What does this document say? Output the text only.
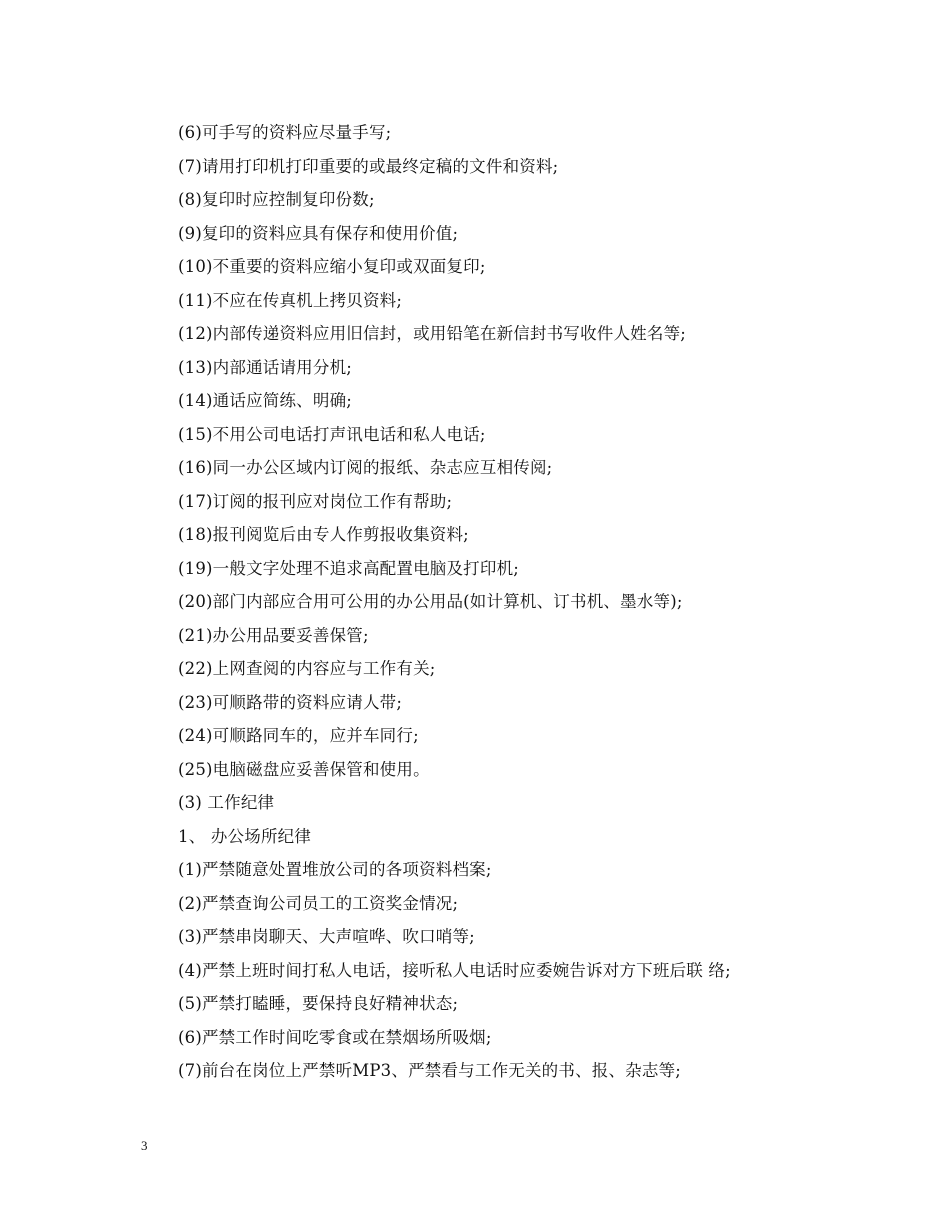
(6)可手写的资料应尽量手写;
(7)请用打印机打印重要的或最终定稿的文件和资料;
(8)复印时应控制复印份数;
(9)复印的资料应具有保存和使用价值;
(10)不重要的资料应缩小复印或双面复印;
(11)不应在传真机上拷贝资料;
(12)内部传递资料应用旧信封，或用铅笔在新信封书写收件人姓名等;
(13)内部通话请用分机;
(14)通话应简练、明确;
(15)不用公司电话打声讯电话和私人电话;
(16)同一办公区域内订阅的报纸、杂志应互相传阅;
(17)订阅的报刊应对岗位工作有帮助;
(18)报刊阅览后由专人作剪报收集资料;
(19)一般文字处理不追求高配置电脑及打印机;
(20)部门内部应合用可公用的办公用品(如计算机、订书机、墨水等);
(21)办公用品要妥善保管;
(22)上网查阅的内容应与工作有关;
(23)可顺路带的资料应请人带;
(24)可顺路同车的，应并车同行;
(25)电脑磁盘应妥善保管和使用。
(3) 工作纪律
1、 办公场所纪律
(1)严禁随意处置堆放公司的各项资料档案;
(2)严禁查询公司员工的工资奖金情况;
(3)严禁串岗聊天、大声喧哗、吹口哨等;
(4)严禁上班时间打私人电话，接听私人电话时应委婉告诉对方下班后联 络;
(5)严禁打瞌睡，要保持良好精神状态;
(6)严禁工作时间吃零食或在禁烟场所吸烟;
(7)前台在岗位上严禁听MP3、严禁看与工作无关的书、报、杂志等;
3
